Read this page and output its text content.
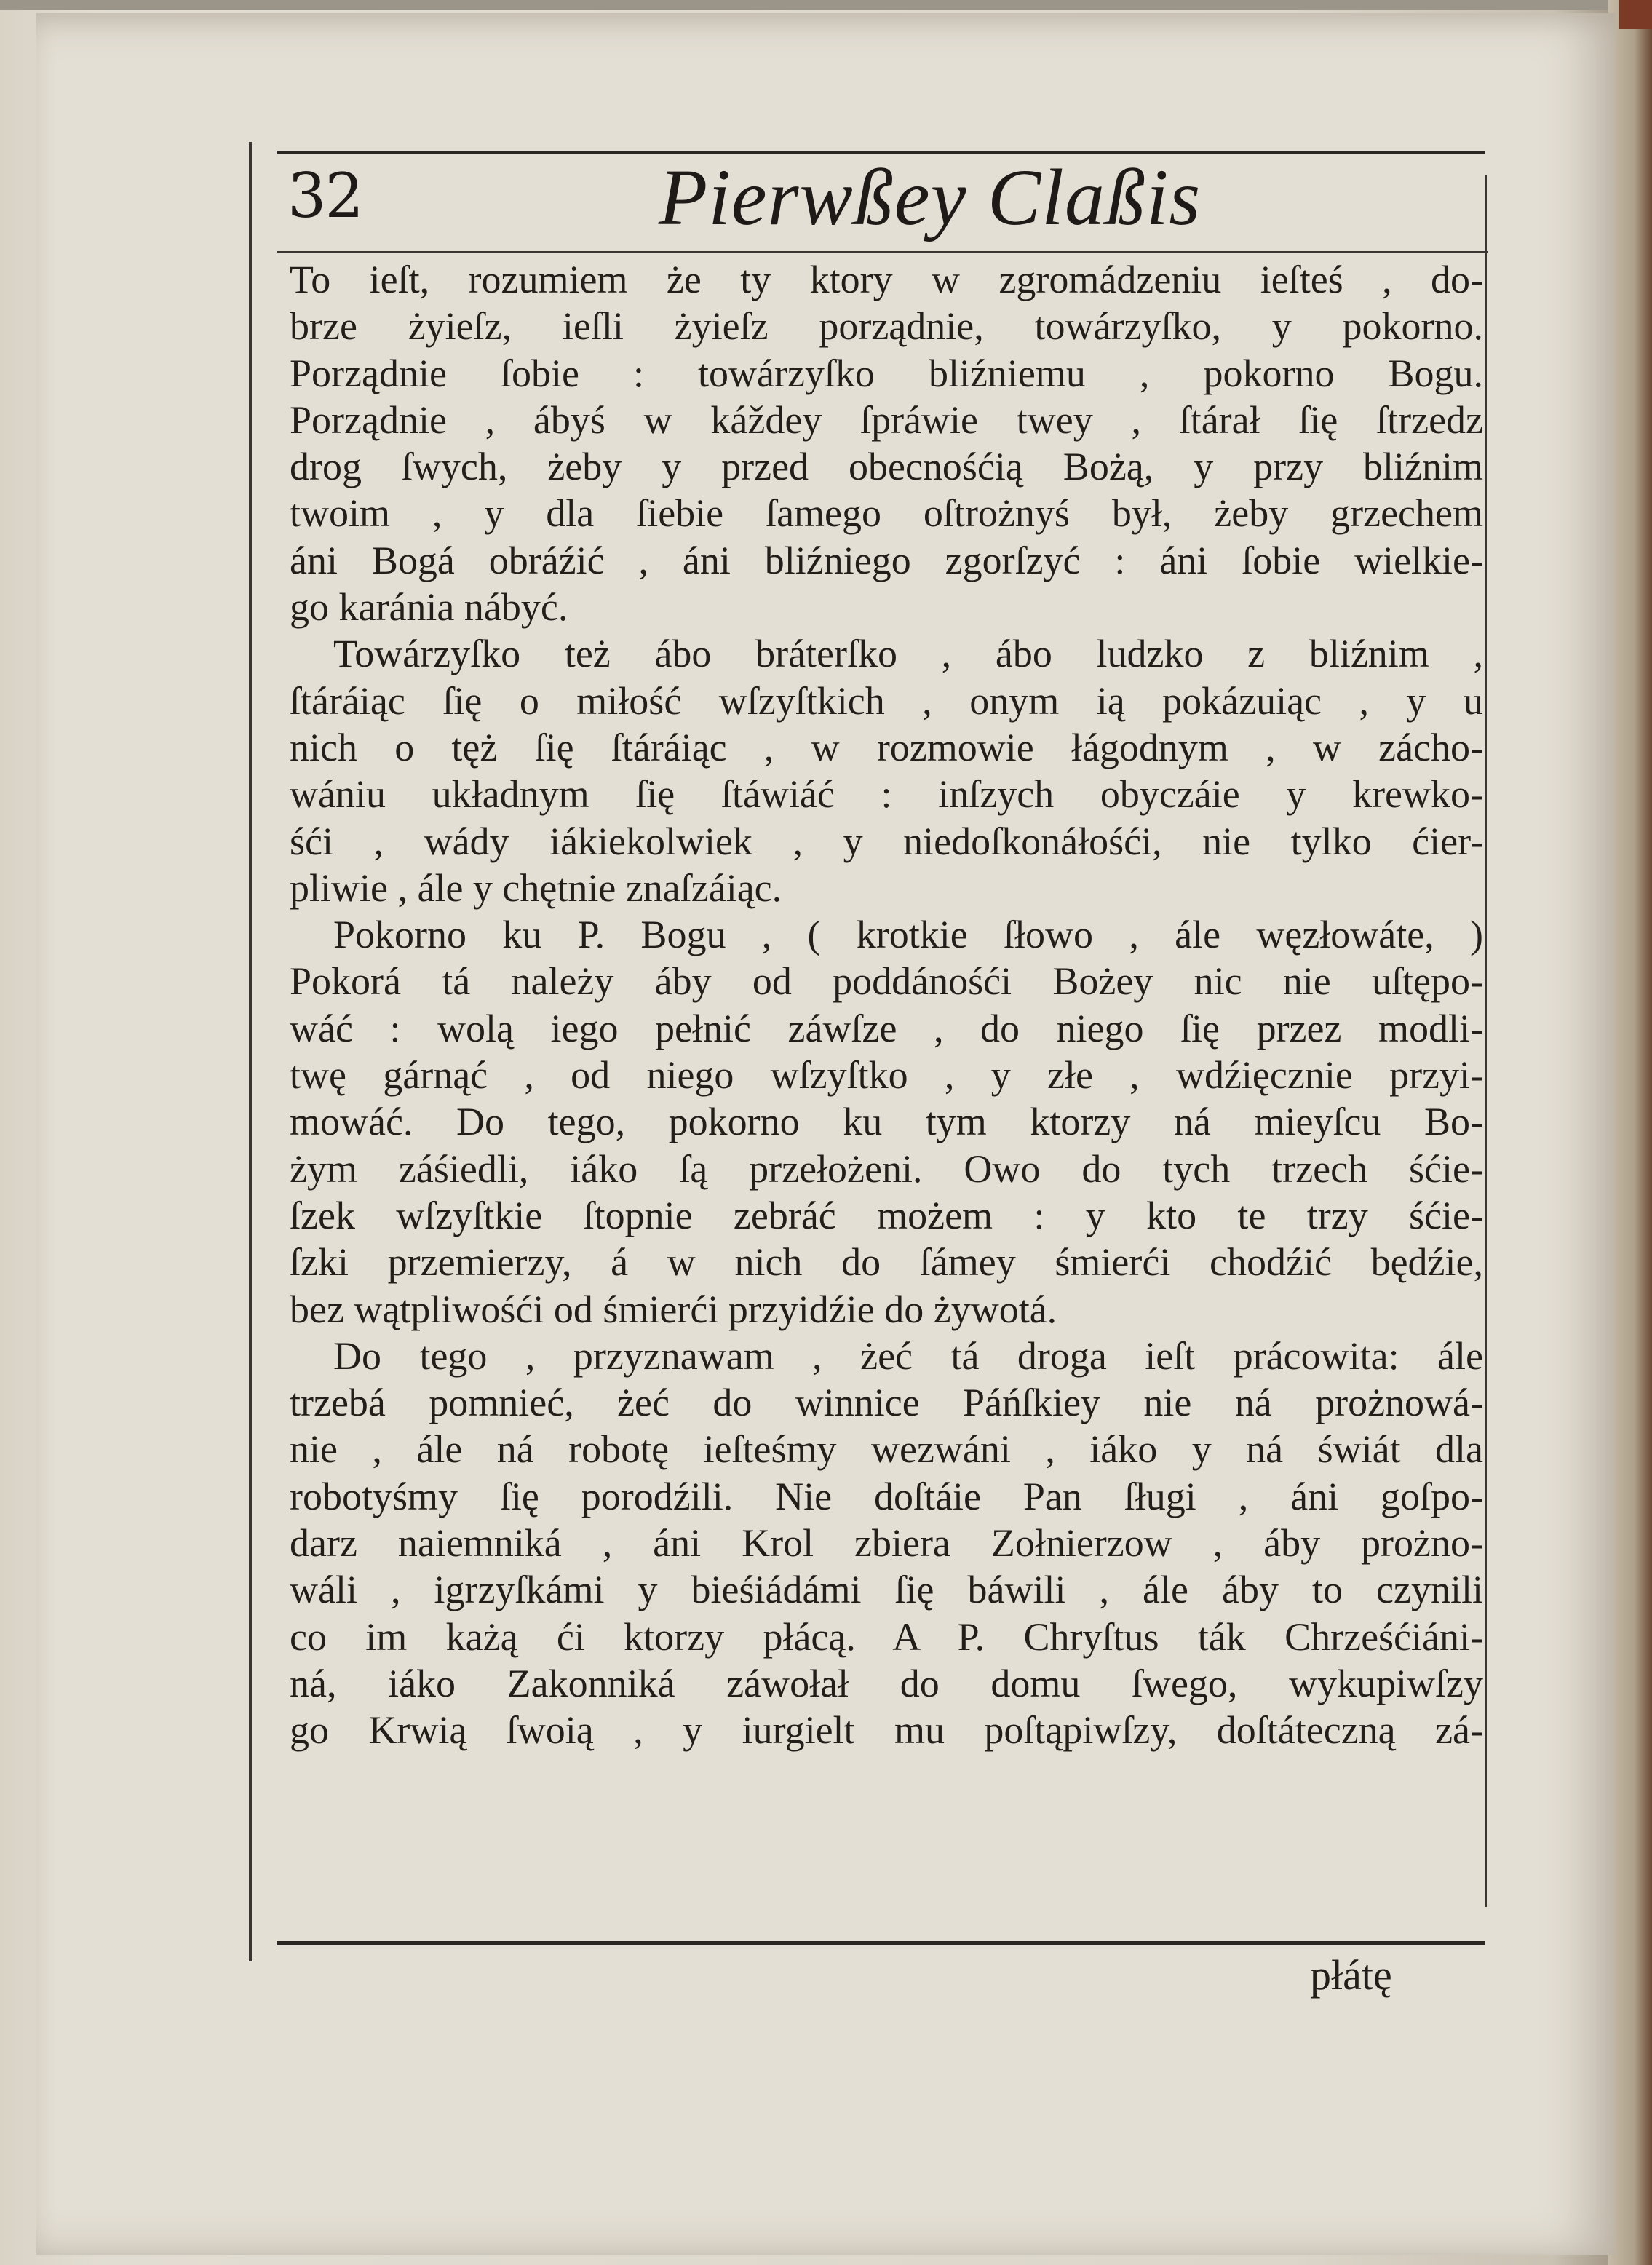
32	Pierwßey Claßis
To ieſt, rozumiem że ty ktory w zgromádzeniu ieſteś , do-
brze żyieſz, ieſli żyieſz porządnie, towárzyſko, y pokorno.
Porządnie ſobie : towárzyſko bliźniemu , pokorno Bogu.
Porządnie , ábyś w káždey ſpráwie twey , ſtárał ſię ſtrzedz
drog ſwych, żeby y przed obecnośćią Bożą, y przy bliźnim
twoim , y dla ſiebie ſamego oſtrożnyś był, żeby grzechem
áni Bogá obráźić , áni bliźniego zgorſzyć : áni ſobie wielkie-
go karánia nábyć.
Towárzyſko też ábo bráterſko , ábo ludzko z bliźnim ,
ſtáráiąc ſię o miłość wſzyſtkich , onym ią pokázuiąc , y u
nich o tęż ſię ſtáráiąc , w rozmowie łágodnym , w zácho-
wániu układnym ſię ſtáwiáć : inſzych obyczáie y krewko-
śći , wády iákiekolwiek , y niedoſkonáłośći, nie tylko ćier-
pliwie , ále y chętnie znaſzáiąc.
Pokorno ku P. Bogu , ( krotkie ſłowo , ále węzłowáte, )
Pokorá tá należy áby od poddánośći Bożey nic nie uſtępo-
wáć : wolą iego pełnić záwſze , do niego ſię przez modli-
twę gárnąć , od niego wſzyſtko , y złe , wdźięcznie przyi-
mowáć. Do tego, pokorno ku tym ktorzy ná mieyſcu Bo-
żym záśiedli, iáko ſą przełożeni. Owo do tych trzech śćie-
ſzek wſzyſtkie ſtopnie zebráć możem : y kto te trzy śćie-
ſzki przemierzy, á w nich do ſámey śmierći chodźić będźie,
bez wątpliwośći od śmierći przyidźie do żywotá.
Do tego , przyznawam , żeć tá droga ieſt prácowita: ále
trzebá pomnieć, żeć do winnice Páńſkiey nie ná prożnowá-
nie , ále ná robotę ieſteśmy wezwáni , iáko y ná świát dla
robotyśmy ſię porodźili. Nie doſtáie Pan ſługi , áni goſpo-
darz naiemniká , áni Krol zbiera Zołnierzow , áby prożno-
wáli , igrzyſkámi y bieśiádámi ſię báwili , ále áby to czynili
co im każą ći ktorzy płácą. A P. Chryſtus ták Chrześćiáni-
ná, iáko Zakonniká záwołał do domu ſwego, wykupiwſzy
go Krwią ſwoią , y iurgielt mu poſtąpiwſzy, doſtáteczną zá-
płátę
